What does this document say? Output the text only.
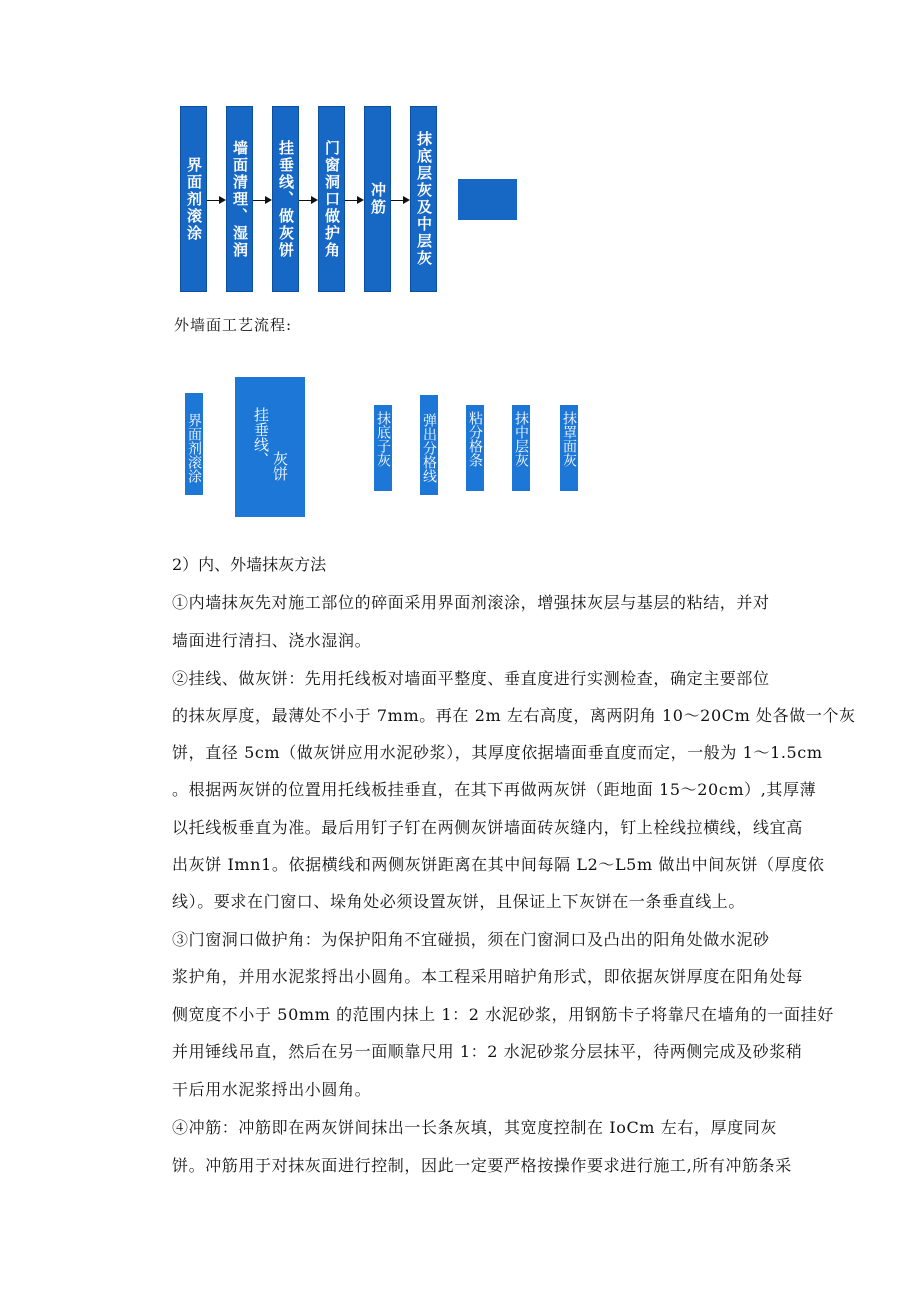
界面剂滚涂 墙面清理、湿润 挂垂线、做灰饼 门窗洞口做护角 冲筋 抹底层灰及中层灰
外墙面工艺流程:
界面剂滚涂	挂垂线、 灰饼	抹底子灰 弹出分格线 粘分格条 抹中层灰 抹罩面灰
2）内、外墙抹灰方法
①内墙抹灰先对施工部位的碎面采用界面剂滚涂，增强抹灰层与基层的粘结，并对
墙面进行清扫、浇水湿润。
②挂线、做灰饼：先用托线板对墙面平整度、垂直度进行实测检查，确定主要部位
的抹灰厚度，最薄处不小于 7mm。再在 2m 左右高度，离两阴角 10～20Cm 处各做一个灰
饼，直径 5cm（做灰饼应用水泥砂浆），其厚度依据墙面垂直度而定，一般为 1～1.5cm
。根据两灰饼的位置用托线板挂垂直，在其下再做两灰饼（距地面 15～20cm）,其厚薄
以托线板垂直为准。最后用钉子钉在两侧灰饼墙面砖灰缝内，钉上栓线拉横线，线宜高
出灰饼 Imn1。依据横线和两侧灰饼距离在其中间每隔 L2～L5m 做出中间灰饼（厚度依
线）。要求在门窗口、垛角处必须设置灰饼，且保证上下灰饼在一条垂直线上。
③门窗洞口做护角：为保护阳角不宜碰损，须在门窗洞口及凸出的阳角处做水泥砂
浆护角，并用水泥浆捋出小圆角。本工程采用暗护角形式，即依据灰饼厚度在阳角处每
侧宽度不小于 50mm 的范围内抹上 1：2 水泥砂浆，用钢筋卡子将靠尺在墙角的一面挂好
并用锤线吊直，然后在另一面顺靠尺用 1：2 水泥砂浆分层抹平，待两侧完成及砂浆稍
干后用水泥浆捋出小圆角。
④冲筋：冲筋即在两灰饼间抹出一长条灰填，其宽度控制在 IoCm 左右，厚度同灰
饼。冲筋用于对抹灰面进行控制，因此一定要严格按操作要求进行施工,所有冲筋条采
